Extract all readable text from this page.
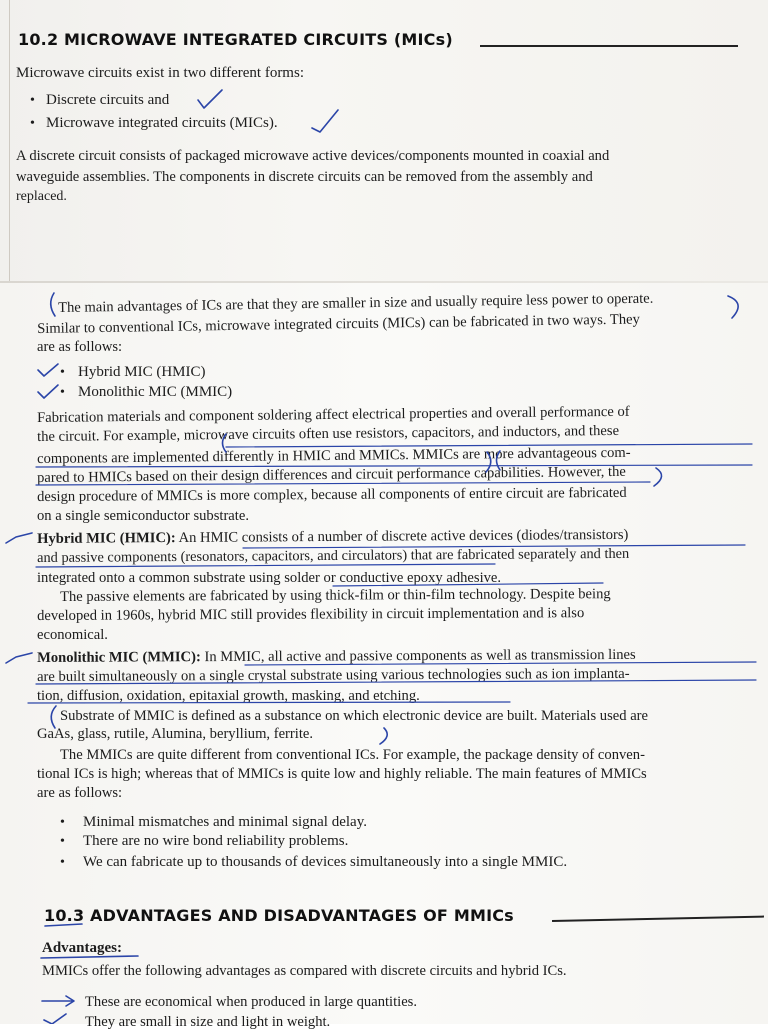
10.2 MICROWAVE INTEGRATED CIRCUITS (MICs)
Microwave circuits exist in two different forms:
• Discrete circuits and
• Microwave integrated circuits (MICs).
A discrete circuit consists of packaged microwave active devices/components mounted in coaxial and
waveguide assemblies. The components in discrete circuits can be removed from the assembly and
replaced.
The main advantages of ICs are that they are smaller in size and usually require less power to operate.
Similar to conventional ICs, microwave integrated circuits (MICs) can be fabricated in two ways. They
are as follows:
• Hybrid MIC (HMIC)
• Monolithic MIC (MMIC)
Fabrication materials and component soldering affect electrical properties and overall performance of
the circuit. For example, microwave circuits often use resistors, capacitors, and inductors, and these
components are implemented differently in HMIC and MMICs. MMICs are more advantageous com-
pared to HMICs based on their design differences and circuit performance capabilities. However, the
design procedure of MMICs is more complex, because all components of entire circuit are fabricated
on a single semiconductor substrate.
Hybrid MIC (HMIC): An HMIC consists of a number of discrete active devices (diodes/transistors)
and passive components (resonators, capacitors, and circulators) that are fabricated separately and then
integrated onto a common substrate using solder or conductive epoxy adhesive.
The passive elements are fabricated by using thick-film or thin-film technology. Despite being
developed in 1960s, hybrid MIC still provides flexibility in circuit implementation and is also
economical.
Monolithic MIC (MMIC): In MMIC, all active and passive components as well as transmission lines
are built simultaneously on a single crystal substrate using various technologies such as ion implanta-
tion, diffusion, oxidation, epitaxial growth, masking, and etching.
Substrate of MMIC is defined as a substance on which electronic device are built. Materials used are
GaAs, glass, rutile, Alumina, beryllium, ferrite.
The MMICs are quite different from conventional ICs. For example, the package density of conven-
tional ICs is high; whereas that of MMICs is quite low and highly reliable. The main features of MMICs
are as follows:
• Minimal mismatches and minimal signal delay.
• There are no wire bond reliability problems.
• We can fabricate up to thousands of devices simultaneously into a single MMIC.
10.3 ADVANTAGES AND DISADVANTAGES OF MMICs
Advantages:
MMICs offer the following advantages as compared with discrete circuits and hybrid ICs.
These are economical when produced in large quantities.
They are small in size and light in weight.
